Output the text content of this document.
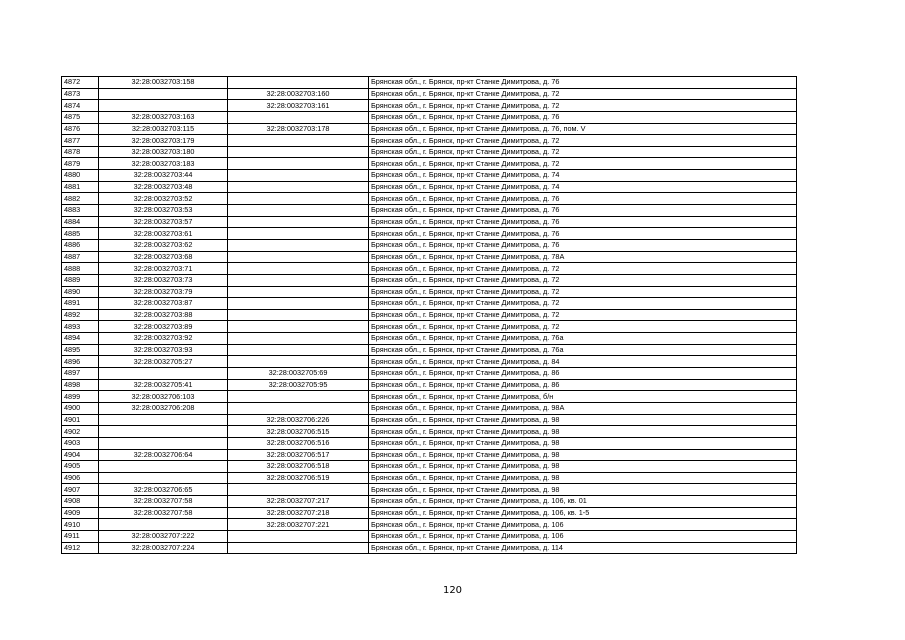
4872	32:28:0032703:158		Брянская обл., г. Брянск, пр-кт Станке Димитрова, д. 76
4873		32:28:0032703:160	Брянская обл., г. Брянск, пр-кт Станке Димитрова, д. 72
4874		32:28:0032703:161	Брянская обл., г. Брянск, пр-кт Станке Димитрова, д. 72
4875	32:28:0032703:163		Брянская обл., г. Брянск, пр-кт Станке Димитрова, д. 76
4876	32:28:0032703:115	32:28:0032703:178	Брянская обл., г. Брянск, пр-кт Станке Димитрова, д. 76, пом. V
4877	32:28:0032703:179		Брянская обл., г. Брянск, пр-кт Станке Димитрова, д. 72
4878	32:28:0032703:180		Брянская обл., г. Брянск, пр-кт Станке Димитрова, д. 72
4879	32:28:0032703:183		Брянская обл., г. Брянск, пр-кт Станке Димитрова, д. 72
4880	32:28:0032703:44		Брянская обл., г. Брянск, пр-кт Станке Димитрова, д. 74
4881	32:28:0032703:48		Брянская обл., г. Брянск, пр-кт Станке Димитрова, д. 74
4882	32:28:0032703:52		Брянская обл., г. Брянск, пр-кт Станке Димитрова, д. 76
4883	32:28:0032703:53		Брянская обл., г. Брянск, пр-кт Станке Димитрова, д. 76
4884	32:28:0032703:57		Брянская обл., г. Брянск, пр-кт Станке Димитрова, д. 76
4885	32:28:0032703:61		Брянская обл., г. Брянск, пр-кт Станке Димитрова, д. 76
4886	32:28:0032703:62		Брянская обл., г. Брянск, пр-кт Станке Димитрова, д. 76
4887	32:28:0032703:68		Брянская обл., г. Брянск, пр-кт Станке Димитрова, д. 78А
4888	32:28:0032703:71		Брянская обл., г. Брянск, пр-кт Станке Димитрова, д. 72
4889	32:28:0032703:73		Брянская обл., г. Брянск, пр-кт Станке Димитрова, д. 72
4890	32:28:0032703:79		Брянская обл., г. Брянск, пр-кт Станке Димитрова, д. 72
4891	32:28:0032703:87		Брянская обл., г. Брянск, пр-кт Станке Димитрова, д. 72
4892	32:28:0032703:88		Брянская обл., г. Брянск, пр-кт Станке Димитрова, д. 72
4893	32:28:0032703:89		Брянская обл., г. Брянск, пр-кт Станке Димитрова, д. 72
4894	32:28:0032703:92		Брянская обл., г. Брянск, пр-кт Станке Димитрова, д. 76а
4895	32:28:0032703:93		Брянская обл., г. Брянск, пр-кт Станке Димитрова, д. 76а
4896	32:28:0032705:27		Брянская обл., г. Брянск, пр-кт Станке Димитрова, д. 84
4897		32:28:0032705:69	Брянская обл., г. Брянск, пр-кт Станке Димитрова, д. 86
4898	32:28:0032705:41	32:28:0032705:95	Брянская обл., г. Брянск, пр-кт Станке Димитрова, д. 86
4899	32:28:0032706:103		Брянская обл., г. Брянск, пр-кт Станке Димитрова, б/н
4900	32:28:0032706:208		Брянская обл., г. Брянск, пр-кт Станке Димитрова, д. 98А
4901		32:28:0032706:226	Брянская обл., г. Брянск, пр-кт Станке Димитрова, д. 98
4902		32:28:0032706:515	Брянская обл., г. Брянск, пр-кт Станке Димитрова, д. 98
4903		32:28:0032706:516	Брянская обл., г. Брянск, пр-кт Станке Димитрова, д. 98
4904	32:28:0032706:64	32:28:0032706:517	Брянская обл., г. Брянск, пр-кт Станке Димитрова, д. 98
4905		32:28:0032706:518	Брянская обл., г. Брянск, пр-кт Станке Димитрова, д. 98
4906		32:28:0032706:519	Брянская обл., г. Брянск, пр-кт Станке Димитрова, д. 98
4907	32:28:0032706:65		Брянская обл., г. Брянск, пр-кт Станке Димитрова, д. 98
4908	32:28:0032707:58	32:28:0032707:217	Брянская обл., г. Брянск, пр-кт Станке Димитрова, д. 106, кв. 01
4909	32:28:0032707:58	32:28:0032707:218	Брянская обл., г. Брянск, пр-кт Станке Димитрова, д. 106, кв. 1-5
4910		32:28:0032707:221	Брянская обл., г. Брянск, пр-кт Станке Димитрова, д. 106
4911	32:28:0032707:222		Брянская обл., г. Брянск, пр-кт Станке Димитрова, д. 106
4912	32:28:0032707:224		Брянская обл., г. Брянск, пр-кт Станке Димитрова, д. 114
120
